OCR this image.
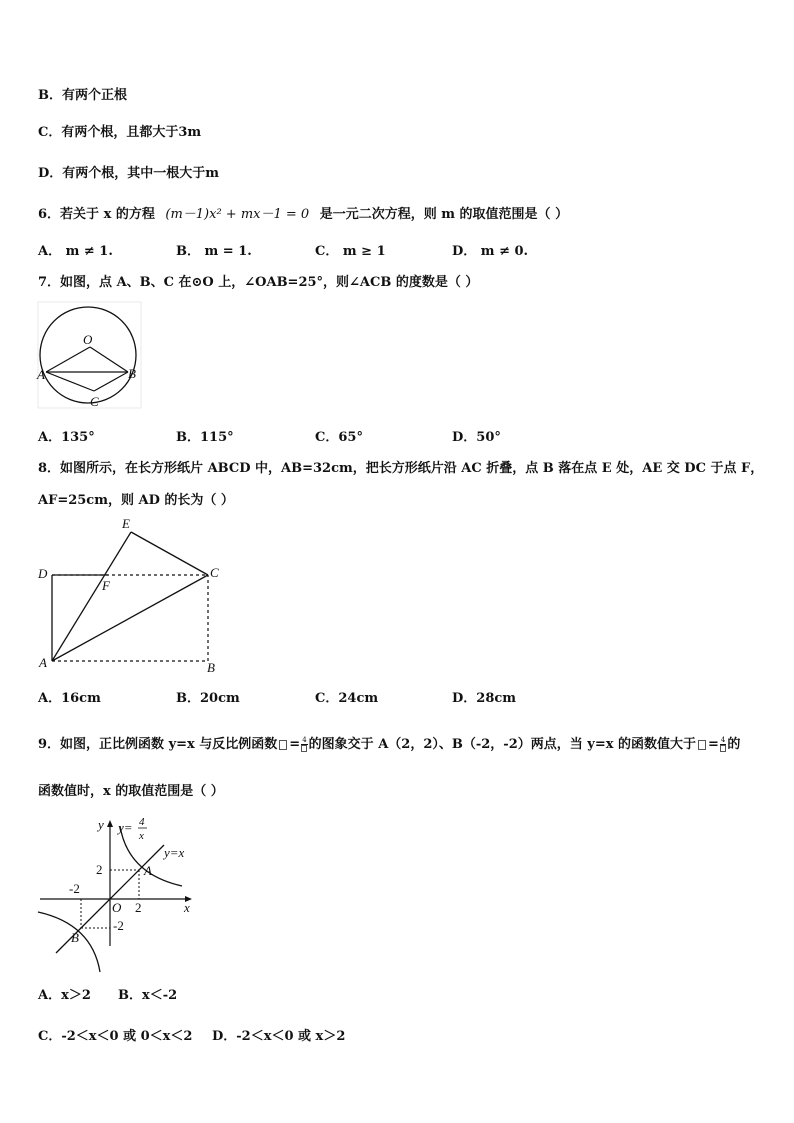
B．有两个正根
C．有两个根，且都大于3m
D．有两个根，其中一根大于m
6．若关于 x 的方程 (m－1)x² + mx－1 = 0 是一元二次方程，则 m 的取值范围是（ ）
A． m ≠ 1.	B． m = 1.	C． m ≥ 1	D． m ≠ 0.
7．如图，点 A、B、C 在⊙O 上，∠OAB=25°，则∠ACB 的度数是（ ）
O
A	B
C
A．135°	B．115°	C．65°	D．50°
8．如图所示，在长方形纸片 ABCD 中，AB=32cm，把长方形纸片沿 AC 折叠，点 B 落在点 E 处，AE 交 DC 于点 F，
AF=25cm，则 AD 的长为（ ）
E
D	C
F
A	B
A．16cm	B．20cm	C．24cm	D．28cm
9．如图，正比例函数 y=x 与反比例函数 = 4 的图象交于 A（2，2）、B（-2，-2）两点，当 y=x 的函数值大于 = 4 的
函数值时，x 的取值范围是（ ）
y y= 4
x
y=x
A
B
O	x
2
2
-2
-2
A．x＞2 B．x＜-2
C．-2＜x＜0 或 0＜x＜2 D．-2＜x＜0 或 x＞2
